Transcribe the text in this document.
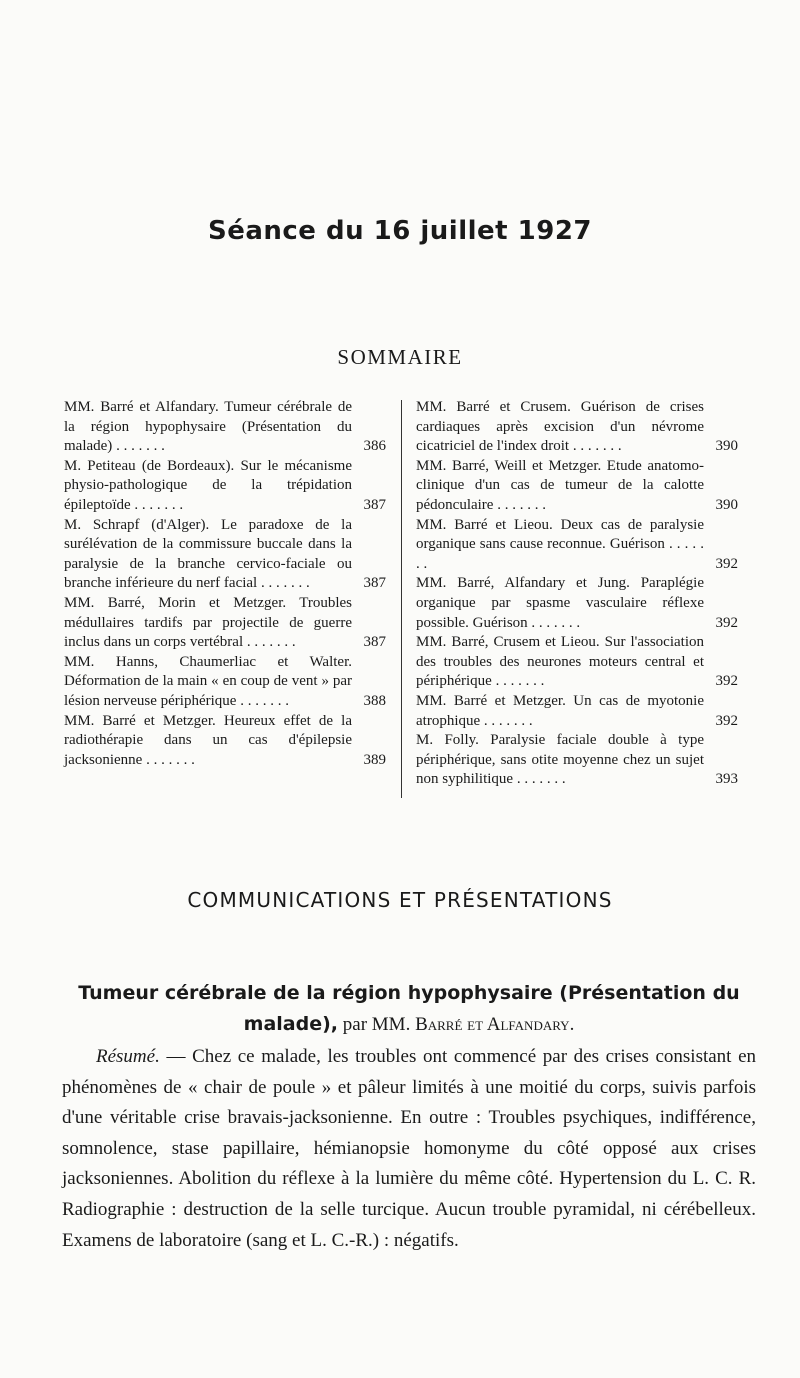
Séance du 16 juillet 1927
SOMMAIRE
MM. Barré et Alfandary. Tumeur cérébrale de la région hypophysaire (Présentation du malade) . . . . . . .	386
M. Petiteau (de Bordeaux). Sur le mécanisme physio-pathologique de la trépidation épileptoïde . . . . . . .	387
M. Schrapf (d'Alger). Le paradoxe de la surélévation de la commissure buccale dans la paralysie de la branche cervico-faciale ou branche inférieure du nerf facial . . . . . . .	387
MM. Barré, Morin et Metzger. Troubles médullaires tardifs par projectile de guerre inclus dans un corps vertébral . . . . . . .	387
MM. Hanns, Chaumerliac et Walter. Déformation de la main « en coup de vent » par lésion nerveuse périphérique . . . . . . .	388
MM. Barré et Metzger. Heureux effet de la radiothérapie dans un cas d'épilepsie jacksonienne . . . . . . .	389
MM. Barré et Crusem. Guérison de crises cardiaques après excision d'un névrome cicatriciel de l'index droit . . . . . . .	390
MM. Barré, Weill et Metzger. Etude anatomo-clinique d'un cas de tumeur de la calotte pédonculaire . . . . . . .	390
MM. Barré et Lieou. Deux cas de paralysie organique sans cause reconnue. Guérison . . . . . . .	392
MM. Barré, Alfandary et Jung. Paraplégie organique par spasme vasculaire réflexe possible. Guérison . . . . . . .	392
MM. Barré, Crusem et Lieou. Sur l'association des troubles des neurones moteurs central et périphérique . . . . . . .	392
MM. Barré et Metzger. Un cas de myotonie atrophique . . . . . . .	392
M. Folly. Paralysie faciale double à type périphérique, sans otite moyenne chez un sujet non syphilitique . . . . . . .	393
COMMUNICATIONS ET PRÉSENTATIONS
Tumeur cérébrale de la région hypophysaire (Présentation du malade), par MM. Barré et Alfandary.
Résumé. — Chez ce malade, les troubles ont commencé par des crises consistant en phénomènes de « chair de poule » et pâleur limités à une moitié du corps, suivis parfois d'une véritable crise bravais-jacksonienne. En outre : Troubles psychiques, indifférence, somnolence, stase papillaire, hémianopsie homonyme du côté opposé aux crises jacksoniennes. Abolition du réflexe à la lumière du même côté. Hypertension du L. C. R. Radiographie : destruction de la selle turcique. Aucun trouble pyramidal, ni cérébelleux. Examens de laboratoire (sang et L. C.-R.) : négatifs.
